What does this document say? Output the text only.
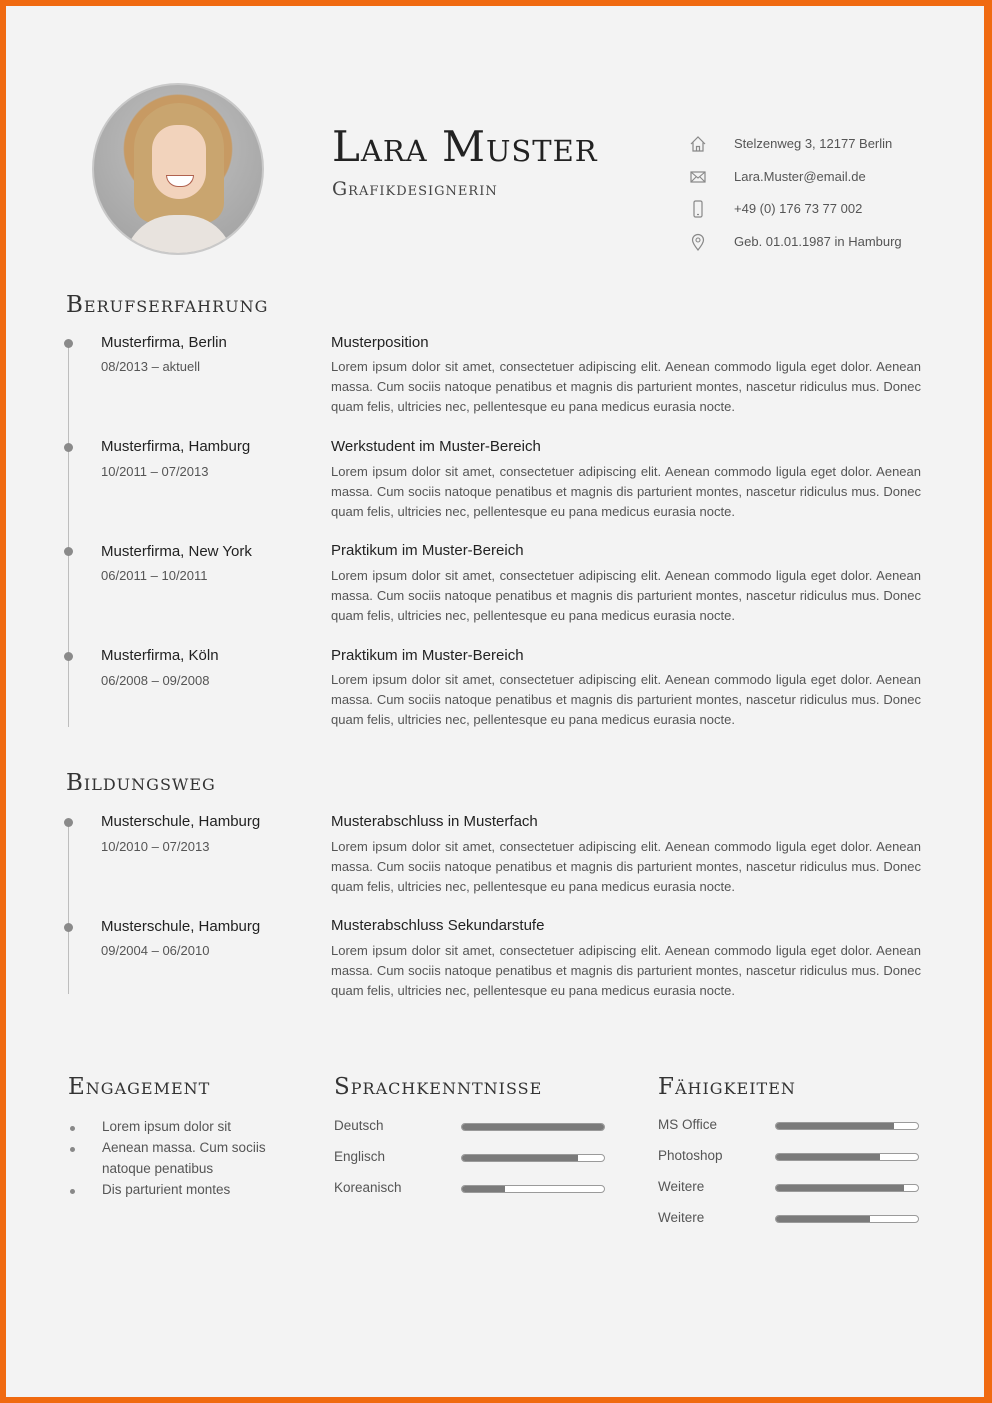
Lara Muster
Grafikdesignerin
Stelzenweg 3, 12177 Berlin
Lara.Muster@email.de
+49 (0) 176 73 77 002
Geb. 01.01.1987 in Hamburg
Berufserfahrung
Musterfirma, Berlin
08/2013 – aktuell
Musterposition
Lorem ipsum dolor sit amet, consectetuer adipiscing elit. Aenean commodo ligula eget dolor. Aenean massa. Cum sociis natoque penatibus et magnis dis parturient montes, nascetur ridiculus mus. Donec quam felis, ultricies nec, pellentesque eu pana medicus eurasia nocte.
Musterfirma, Hamburg
10/2011 – 07/2013
Werkstudent im Muster-Bereich
Lorem ipsum dolor sit amet, consectetuer adipiscing elit. Aenean commodo ligula eget dolor. Aenean massa. Cum sociis natoque penatibus et magnis dis parturient montes, nascetur ridiculus mus. Donec quam felis, ultricies nec, pellentesque eu pana medicus eurasia nocte.
Musterfirma, New York
06/2011 – 10/2011
Praktikum im Muster-Bereich
Lorem ipsum dolor sit amet, consectetuer adipiscing elit. Aenean commodo ligula eget dolor. Aenean massa. Cum sociis natoque penatibus et magnis dis parturient montes, nascetur ridiculus mus. Donec quam felis, ultricies nec, pellentesque eu pana medicus eurasia nocte.
Musterfirma, Köln
06/2008 – 09/2008
Praktikum im Muster-Bereich
Lorem ipsum dolor sit amet, consectetuer adipiscing elit. Aenean commodo ligula eget dolor. Aenean massa. Cum sociis natoque penatibus et magnis dis parturient montes, nascetur ridiculus mus. Donec quam felis, ultricies nec, pellentesque eu pana medicus eurasia nocte.
Bildungsweg
Musterschule, Hamburg
10/2010 – 07/2013
Musterabschluss in Musterfach
Lorem ipsum dolor sit amet, consectetuer adipiscing elit. Aenean commodo ligula eget dolor. Aenean massa. Cum sociis natoque penatibus et magnis dis parturient montes, nascetur ridiculus mus. Donec quam felis, ultricies nec, pellentesque eu pana medicus eurasia nocte.
Musterschule, Hamburg
09/2004 – 06/2010
Musterabschluss Sekundarstufe
Lorem ipsum dolor sit amet, consectetuer adipiscing elit. Aenean commodo ligula eget dolor. Aenean massa. Cum sociis natoque penatibus et magnis dis parturient montes, nascetur ridiculus mus. Donec quam felis, ultricies nec, pellentesque eu pana medicus eurasia nocte.
Engagement
Lorem ipsum dolor sit
Aenean massa. Cum sociis natoque penatibus
Dis parturient montes
Sprachkenntnisse
Deutsch
Englisch
Koreanisch
Fähigkeiten
MS Office
Photoshop
Weitere
Weitere
